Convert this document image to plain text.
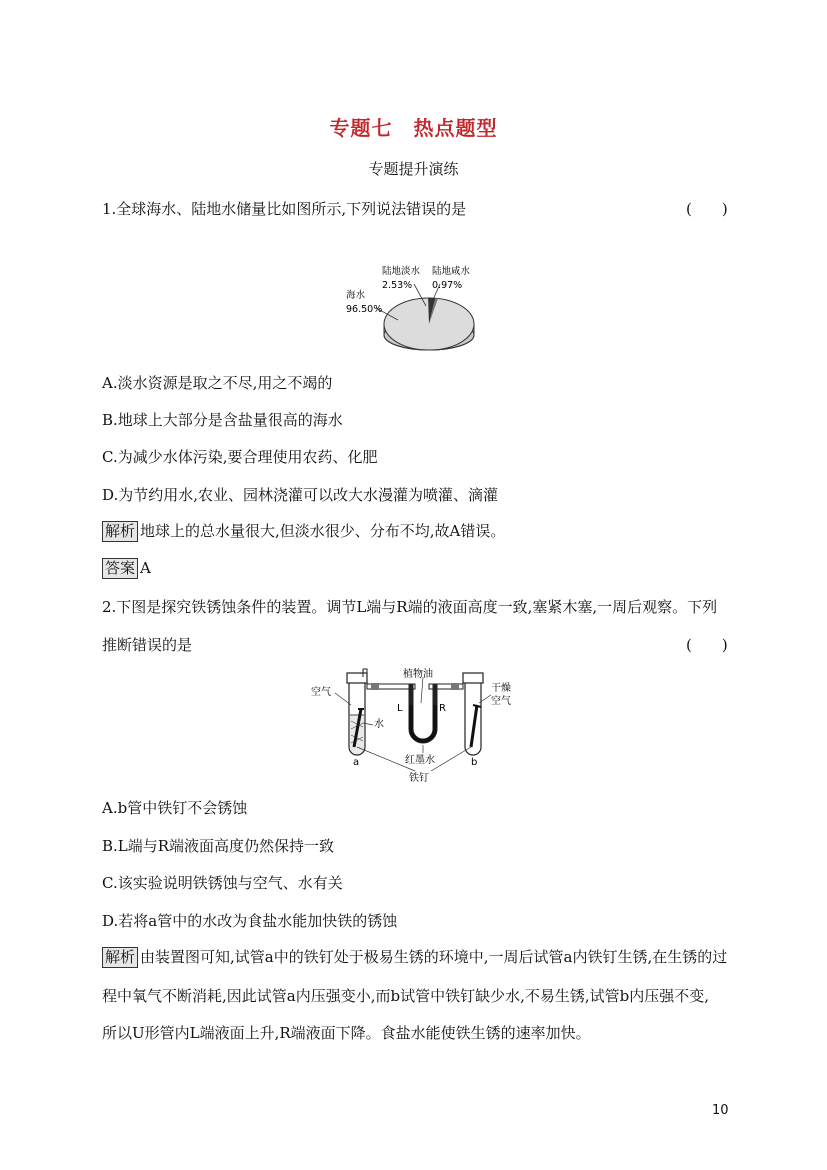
专题七　热点题型
专题提升演练
1.全球海水、陆地水储量比如图所示,下列说法错误的是	(　　)
陆地淡水
2.53%
陆地咸水
0.97%
海水
96.50%
A.淡水资源是取之不尽,用之不竭的
B.地球上大部分是含盐量很高的海水
C.为减少水体污染,要合理使用农药、化肥
D.为节约用水,农业、园林浇灌可以改大水漫灌为喷灌、滴灌
解析 地球上的总水量很大,但淡水很少、分布不均,故A错误。
答案 A
2.下图是探究铁锈蚀条件的装置。调节L端与R端的液面高度一致,塞紧木塞,一周后观察。下列
推断错误的是	(　　)
空气
植物油
干燥
空气
水
L	R
红墨水
a	b
铁钉
A.b管中铁钉不会锈蚀
B.L端与R端液面高度仍然保持一致
C.该实验说明铁锈蚀与空气、水有关
D.若将a管中的水改为食盐水能加快铁的锈蚀
解析 由装置图可知,试管a中的铁钉处于极易生锈的环境中,一周后试管a内铁钉生锈,在生锈的过
程中氧气不断消耗,因此试管a内压强变小,而b试管中铁钉缺少水,不易生锈,试管b内压强不变,
所以U形管内L端液面上升,R端液面下降。食盐水能使铁生锈的速率加快。
10
